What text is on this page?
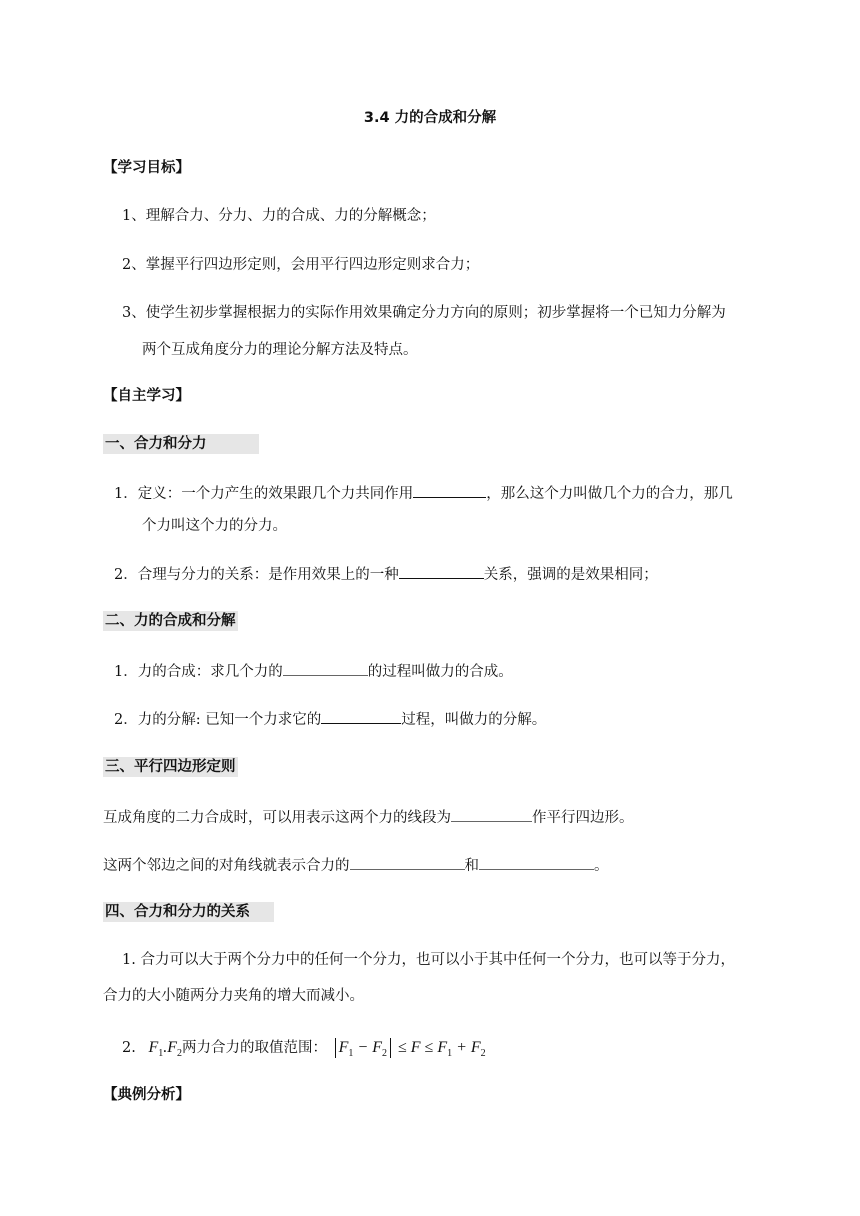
3.4 力的合成和分解
【学习目标】
1、理解合力、分力、力的合成、力的分解概念；
2、掌握平行四边形定则，会用平行四边形定则求合力；
3、使学生初步掌握根据力的实际作用效果确定分力方向的原则；初步掌握将一个已知力分解为
两个互成角度分力的理论分解方法及特点。
【自主学习】
一、合力和分力
1．定义：一个力产生的效果跟几个力共同作用	，那么这个力叫做几个力的合力，那几
个力叫这个力的分力。
2．合理与分力的关系：是作用效果上的一种	关系，强调的是效果相同；
二、力的合成和分解
1．力的合成：求几个力的	的过程叫做力的合成。
2．力的分解: 已知一个力求它的	过程，叫做力的分解。
三、平行四边形定则
互成角度的二力合成时，可以用表示这两个力的线段为	作平行四边形。
这两个邻边之间的对角线就表示合力的	和	。
四、合力和分力的关系
1. 合力可以大于两个分力中的任何一个分力，也可以小于其中任何一个分力，也可以等于分力，
合力的大小随两分力夹角的增大而减小。
2. $F_1.F_2$两力合力的取值范围： $F_1 - F_2 \le F \le F_1 + F_2$
【典例分析】
